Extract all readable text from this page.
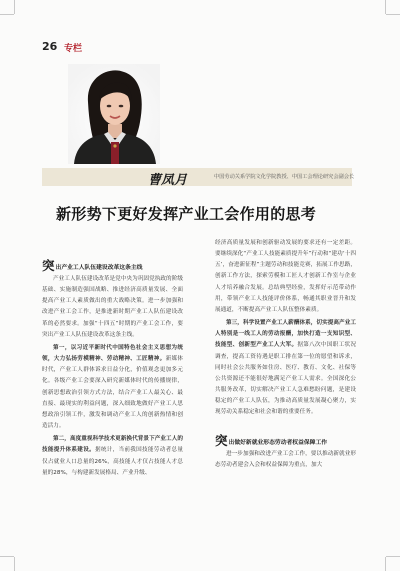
26 专栏
曹凤月	中国劳动关系学院文化学院教授、中国工会理论研究会副会长
新形势下更好发挥产业工会作用的思考
突 出产业工人队伍建设改革这条主线

产业工人队伍建设改革是党中央为巩固党执政的阶级基础、实施制造强国战略、推进经济高质量发展、全面提高产业工人素质做出的重大战略决策。进一步加强和改进产业工会工作，是推进新时期产业工人队伍建设改革的必然要求。加强“十四五”时期的产业工会工作，要突出产业工人队伍建设改革这条主线。

第一，以习近平新时代中国特色社会主义思想为统领，大力弘扬劳模精神、劳动精神、工匠精神。新媒体时代，产业工人群体诉求日益分化，价值观念更加多元化。各级产业工会要深入研究新媒体时代的传播规律，创新思想政治引领方式方法，结合产业工人最关心、最直接、最现实的利益问题，深入细致地做好产业工人思想政治引领工作，激发和调动产业工人的创新热情和创造活力。

第二，高度重视科学技术更新换代背景下产业工人的技能提升体系建设。据统计，当前我国技能劳动者总量仅占就业人口总量的26%，高技能人才仅占技能人才总量的28%，与构建新发展格局、产业升级、

经济高质量发展和创新驱动发展的要求还有一定差距。要继续深化“产业工人技能素质提升年”行动和“建功‘十四五’，奋进新征程”主题劳动和技能竞赛，拓展工作思路，创新工作方法，探索劳模和工匠人才创新工作室与企业人才培养融合发展。总结典型经验，发挥好示范带动作用，带领产业工人技能评价体系，畅通其职业晋升和发展通道，不断提高产业工人队伍整体素质。

第三，科学设置产业工人薪酬体系，切实提高产业工人特别是一线工人的劳动报酬，加快打造一支知识型、技能型、创新型产业工人大军。据第八次中国职工状况调查，提高工资待遇是职工排在第一位的愿望和诉求，同时社会公共服务如住房、医疗、教育、文化、社保等公共资源还不能很好地满足产业工人需求。全国深化公共服务改革，切实解决产业工人急难愁盼问题，是建设稳定的产业工人队伍，为推动高质量发展凝心聚力，实现劳动关系稳定和社会和谐的重要任务。

突 出做好新就业形态劳动者权益保障工作

进一步加强和改进产业工会工作，要以推动新就业形态劳动者建会入会和权益保障为重点，加大
